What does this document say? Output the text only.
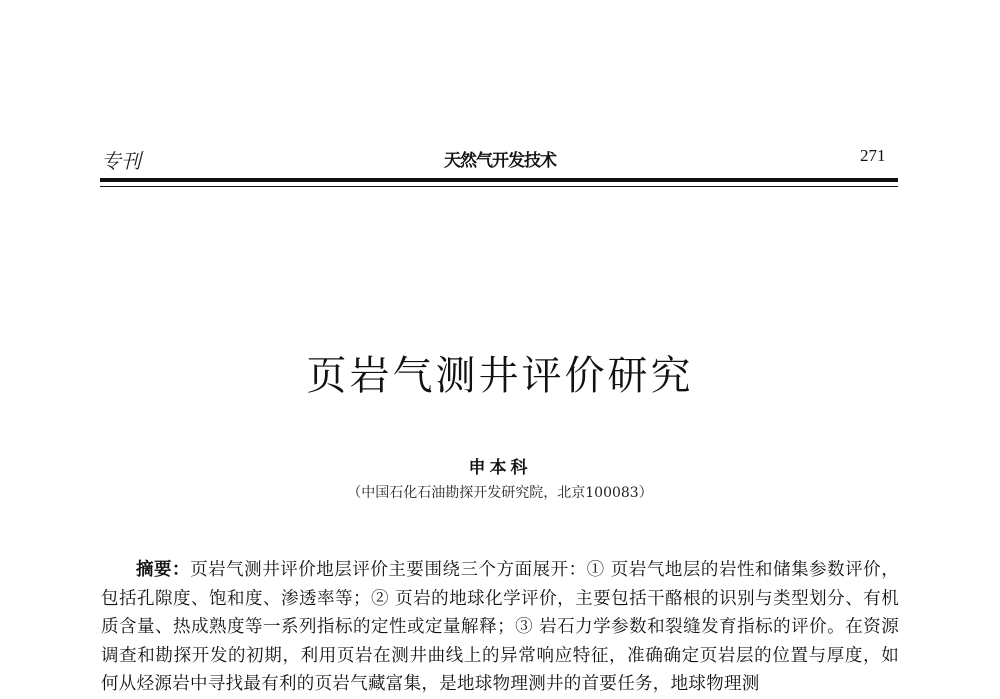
专刊	天然气开发技术	271
页岩气测井评价研究
申本科
（中国石化石油勘探开发研究院，北京100083）
摘要：页岩气测井评价地层评价主要围绕三个方面展开：① 页岩气地层的岩性和储集参数评价，包括孔隙度、饱和度、渗透率等；② 页岩的地球化学评价，主要包括干酪根的识别与类型划分、有机质含量、热成熟度等一系列指标的定性或定量解释；③ 岩石力学参数和裂缝发育指标的评价。在资源调查和勘探开发的初期，利用页岩在测井曲线上的异常响应特征，准确确定页岩层的位置与厚度，如何从烃源岩中寻找最有利的页岩气藏富集，是地球物理测井的首要任务，地球物理测
